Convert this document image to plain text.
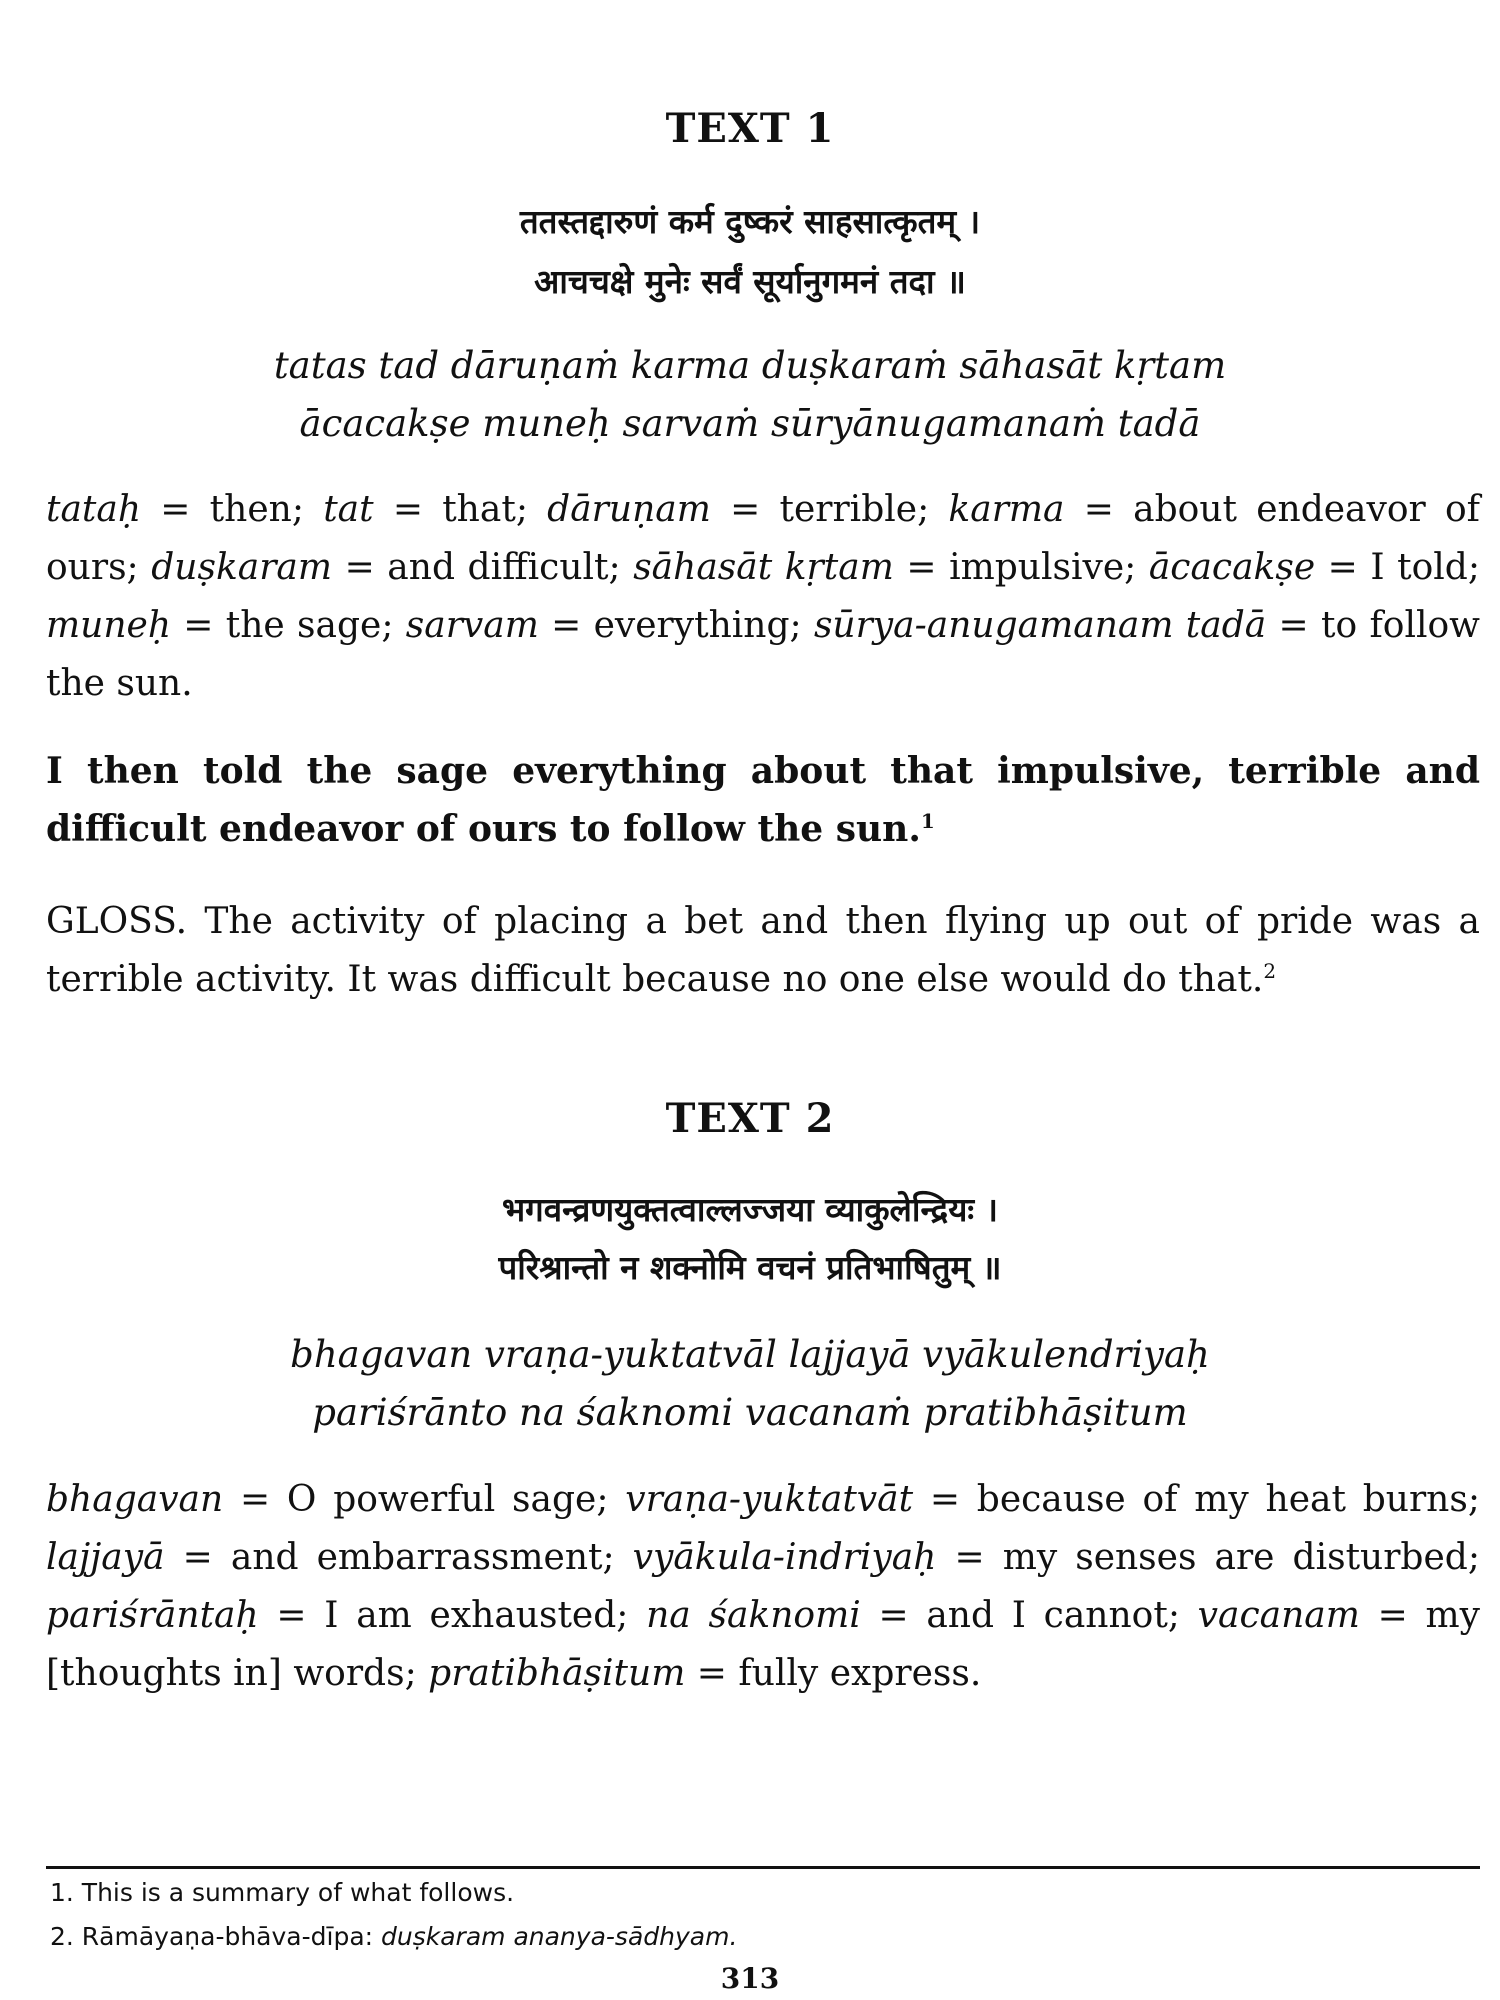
TEXT 1
ततस्तद्दारुणं कर्म दुष्करं साहसात्कृतम् ।
आचचक्षे मुनेः सर्वं सूर्यानुगमनं तदा ॥
tatas tad dāruṇaṁ karma duṣkaraṁ sāhasāt kṛtam
ācacakṣe muneḥ sarvaṁ sūryānugamanaṁ tadā
tataḥ = then; tat = that; dāruṇam = terrible; karma = about endeavor of ours; duṣkaram = and difficult; sāhasāt kṛtam = impulsive; ācacakṣe = I told; muneḥ = the sage; sarvam = everything; sūrya-anugamanam tadā = to follow the sun.
I then told the sage everything about that impulsive, terrible and difficult endeavor of ours to follow the sun.$^1$
GLOSS. The activity of placing a bet and then flying up out of pride was a terrible activity. It was difficult because no one else would do that.$^2$
TEXT 2
भगवन्व्रणयुक्तत्वाल्लज्जया व्याकुलेन्द्रियः ।
परिश्रान्तो न शक्नोमि वचनं प्रतिभाषितुम् ॥
bhagavan vraṇa-yuktatvāl lajjayā vyākulendriyaḥ
pariśrānto na śaknomi vacanaṁ pratibhāṣitum
bhagavan = O powerful sage; vraṇa-yuktatvāt = because of my heat burns; lajjayā = and embarrassment; vyākula-indriyaḥ = my senses are disturbed; pariśrāntaḥ = I am exhausted; na śaknomi = and I cannot; vacanam = my [thoughts in] words; pratibhāṣitum = fully express.
1. This is a summary of what follows.
2. Rāmāyaṇa-bhāva-dīpa: duṣkaram ananya-sādhyam.
313
